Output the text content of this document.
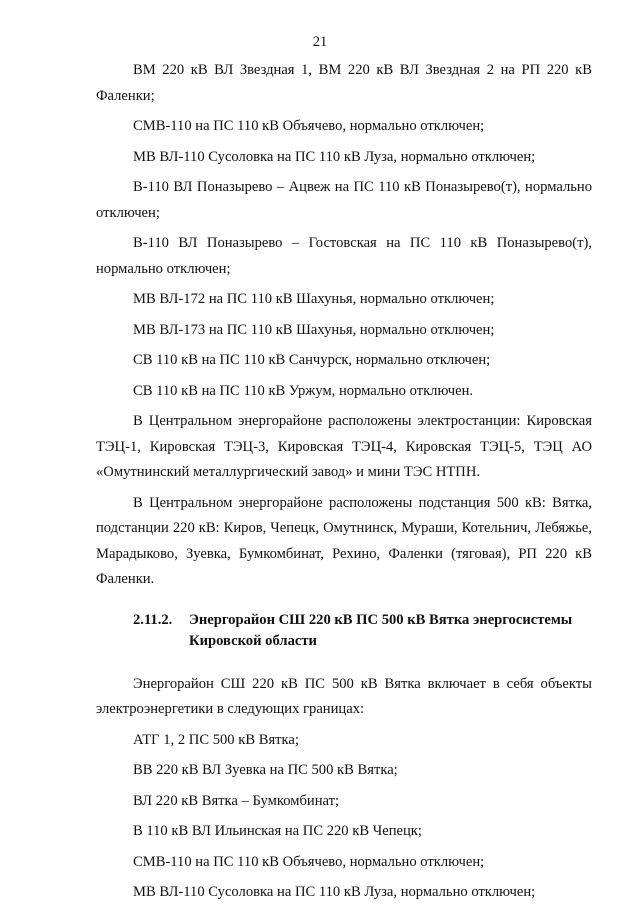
21

ВМ 220 кВ ВЛ Звездная 1, ВМ 220 кВ ВЛ Звездная 2 на РП 220 кВ Фаленки;

СМВ-110 на ПС 110 кВ Объячево, нормально отключен;

МВ ВЛ-110 Сусоловка на ПС 110 кВ Луза, нормально отключен;

В-110 ВЛ Поназырево – Ацвеж на ПС 110 кВ Поназырево(т), нормально отключен;

В-110 ВЛ Поназырево – Гостовская на ПС 110 кВ Поназырево(т), нормально отключен;

МВ ВЛ-172 на ПС 110 кВ Шахунья, нормально отключен;

МВ ВЛ-173 на ПС 110 кВ Шахунья, нормально отключен;

СВ 110 кВ на ПС 110 кВ Санчурск, нормально отключен;

СВ 110 кВ на ПС 110 кВ Уржум, нормально отключен.

В Центральном энергорайоне расположены электростанции: Кировская ТЭЦ-1, Кировская ТЭЦ-3, Кировская ТЭЦ-4, Кировская ТЭЦ-5, ТЭЦ АО «Омутнинский металлургический завод» и мини ТЭС НТПН.

В Центральном энергорайоне расположены подстанция 500 кВ: Вятка, подстанции 220 кВ: Киров, Чепецк, Омутнинск, Мураши, Котельнич, Лебяжье, Марадыково, Зуевка, Бумкомбинат, Рехино, Фаленки (тяговая), РП 220 кВ Фаленки.

2.11.2.	Энергорайон СШ 220 кВ ПС 500 кВ Вятка энергосистемы Кировской области

Энергорайон СШ 220 кВ ПС 500 кВ Вятка включает в себя объекты электроэнергетики в следующих границах:

АТГ 1, 2 ПС 500 кВ Вятка;

ВВ 220 кВ ВЛ Зуевка на ПС 500 кВ Вятка;

ВЛ 220 кВ Вятка – Бумкомбинат;

В 110 кВ ВЛ Ильинская на ПС 220 кВ Чепецк;

СМВ-110 на ПС 110 кВ Объячево, нормально отключен;

МВ ВЛ-110 Сусоловка на ПС 110 кВ Луза, нормально отключен;
